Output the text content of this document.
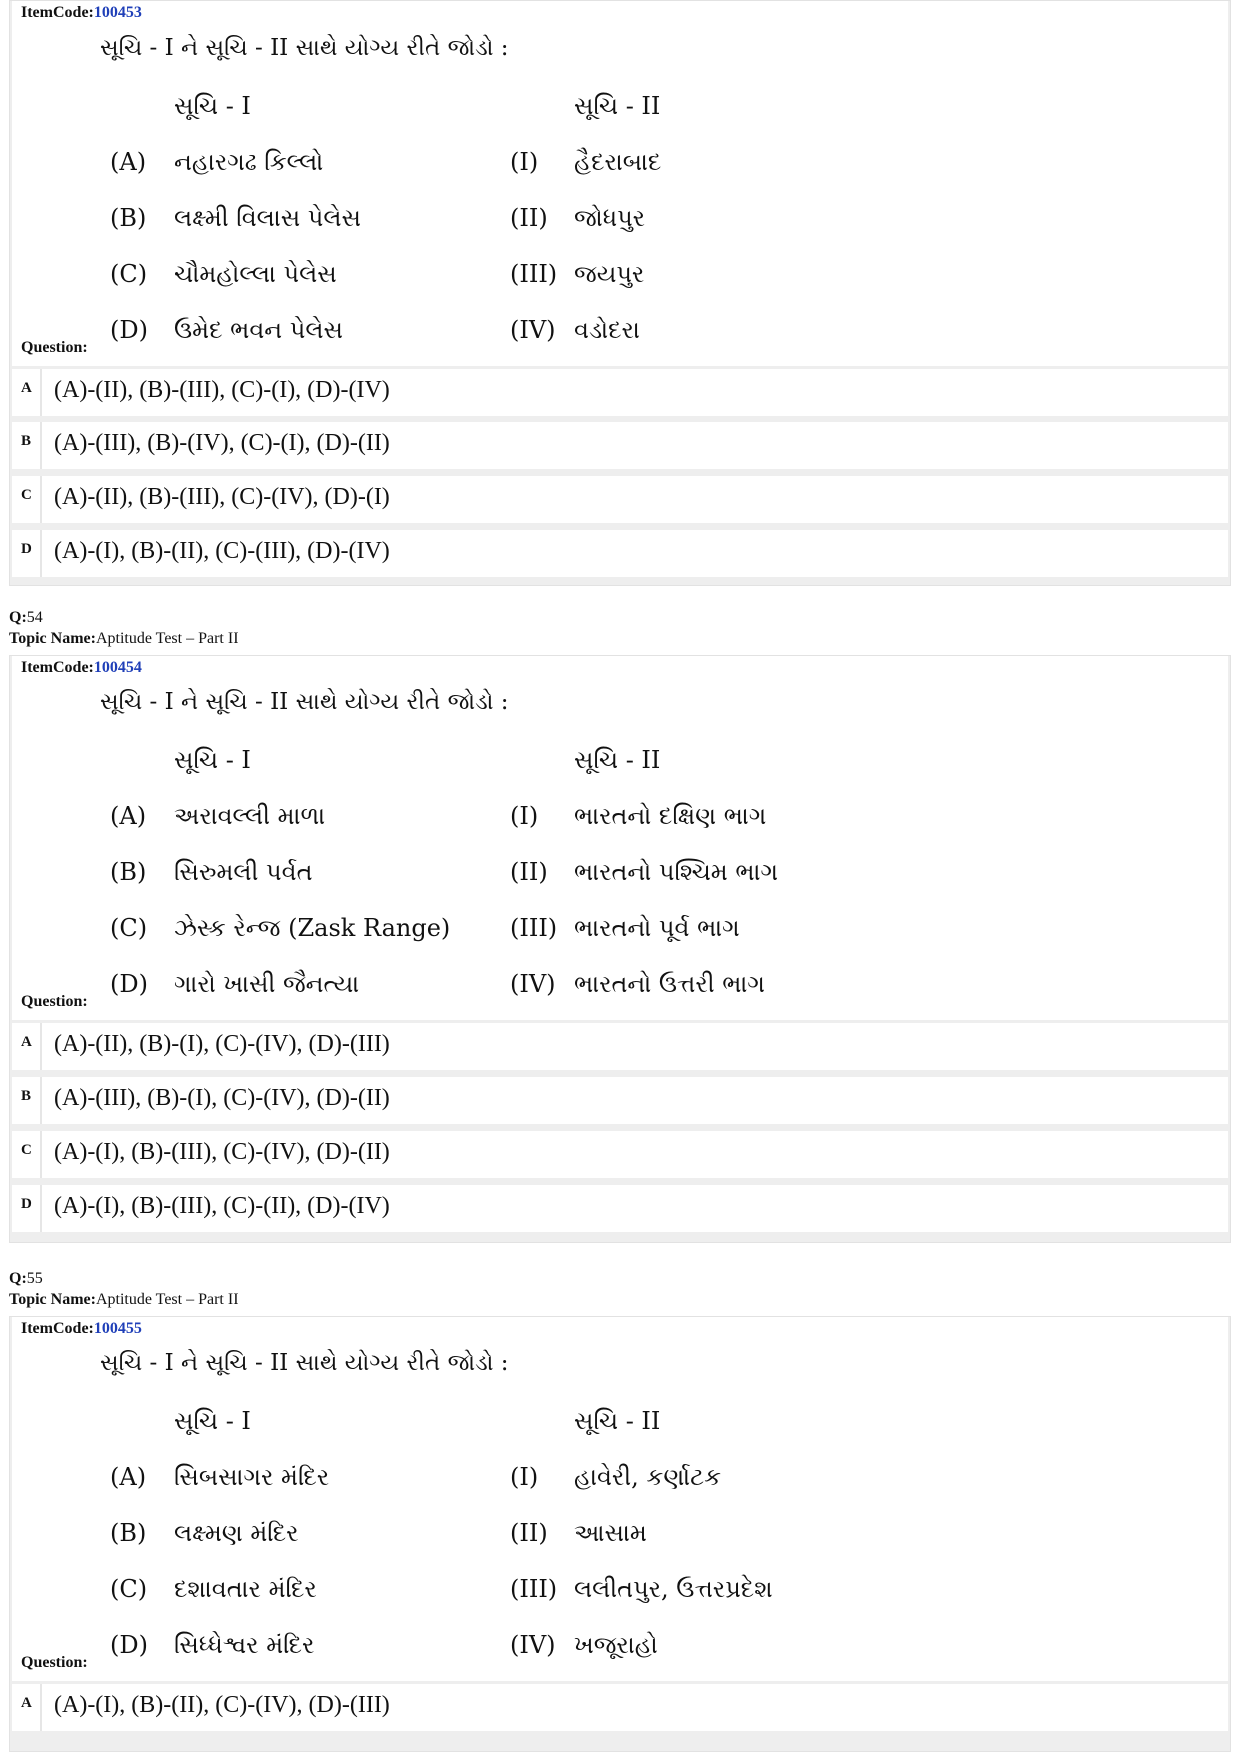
ItemCode:100453
સૂચિ - I ને સૂચિ - II સાથે યોગ્ય રીતે જોડો :
સૂચિ - I	સૂચિ - II
(A) નહારગઢ કિલ્લો	(I) હૈદરાબાદ
(B) લક્ષ્મી વિલાસ પેલેસ	(II) જોધપુર
(C) ચૌમહોલ્લા પેલેસ	(III) જયપુર
Question:
(D) ઉમેદ ભવન પેલેસ	(IV) વડોદરા
A (A)-(II), (B)-(III), (C)-(I), (D)-(IV)
B (A)-(III), (B)-(IV), (C)-(I), (D)-(II)
C (A)-(II), (B)-(III), (C)-(IV), (D)-(I)
D (A)-(I), (B)-(II), (C)-(III), (D)-(IV)
Q:54
Topic Name:Aptitude Test – Part II
ItemCode:100454
સૂચિ - I ને સૂચિ - II સાથે યોગ્ય રીતે જોડો :
સૂચિ - I	સૂચિ - II
(A) અરાવલ્લી માળા	(I) ભારતનો દક્ષિણ ભાગ
(B) સિરુમલી પર્વત	(II) ભારતનો પશ્ચિમ ભાગ
(C) ઝેસ્ક રેન્જ (Zask Range) (III) ભારતનો પૂર્વ ભાગ
Question:
(D) ગારો ખાસી જૈનત્યા	(IV) ભારતનો ઉત્તરી ભાગ
A (A)-(II), (B)-(I), (C)-(IV), (D)-(III)
B (A)-(III), (B)-(I), (C)-(IV), (D)-(II)
C (A)-(I), (B)-(III), (C)-(IV), (D)-(II)
D (A)-(I), (B)-(III), (C)-(II), (D)-(IV)
Q:55
Topic Name:Aptitude Test – Part II
ItemCode:100455
સૂચિ - I ને સૂચિ - II સાથે યોગ્ય રીતે જોડો :
સૂચિ - I	સૂચિ - II
(A) સિબસાગર મંદિર	(I) હાવેરી, કર્ણાટક
(B) લક્ષ્મણ મંદિર	(II) આસામ
(C) દશાવતાર મંદિર	(III) લલીતપુર, ઉત્તરપ્રદેશ
Question:
(D) સિધ્ધેશ્વર મંદિર	(IV) ખજૂરાહો
A (A)-(I), (B)-(II), (C)-(IV), (D)-(III)
